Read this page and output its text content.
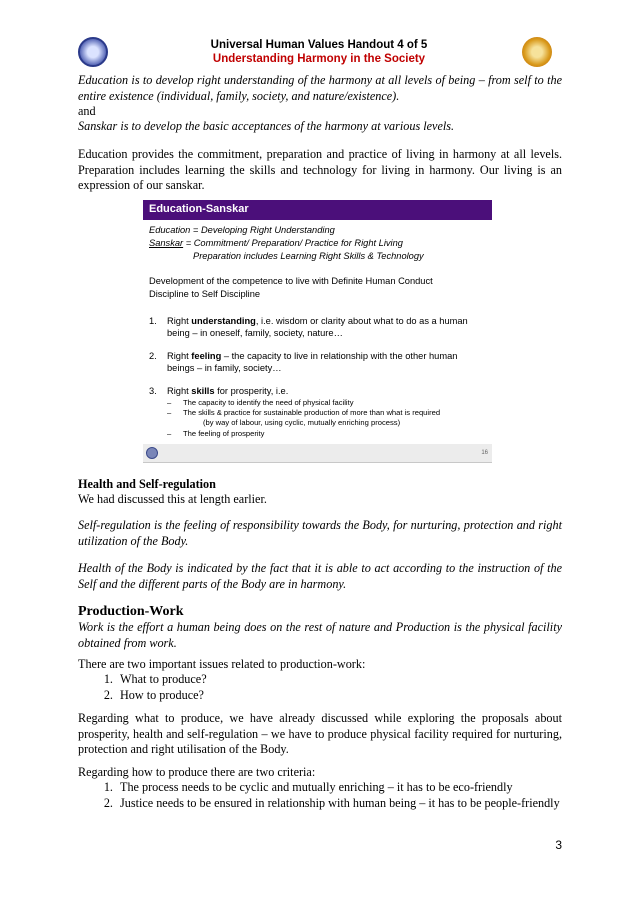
Universal Human Values Handout 4 of 5
Understanding Harmony in the Society
Education is to develop right understanding of the harmony at all levels of being – from self to the entire existence (individual, family, society, and nature/existence).
and
Sanskar is to develop the basic acceptances of the harmony at various levels.
Education provides the commitment, preparation and practice of living in harmony at all levels. Preparation includes learning the skills and technology for living in harmony. Our living is an expression of our sanskar.
Education-Sanskar
Education = Developing Right Understanding
Sanskar = Commitment/ Preparation/ Practice for Right Living
Preparation includes Learning Right Skills & Technology
Development of the competence to live with Definite Human Conduct
Discipline to Self Discipline
1. Right understanding, i.e. wisdom or clarity about what to do as a human
being – in oneself, family, society, nature…
2. Right feeling – the capacity to live in relationship with the other human
beings – in family, society…
3. Right skills for prosperity, i.e.
– The capacity to identify the need of physical facility
– The skills & practice for sustainable production of more than what is required
(by way of labour, using cyclic, mutually enriching process)
– The feeling of prosperity
16
Health and Self-regulation
We had discussed this at length earlier.
Self-regulation is the feeling of responsibility towards the Body, for nurturing, protection and right utilization of the Body.
Health of the Body is indicated by the fact that it is able to act according to the instruction of the Self and the different parts of the Body are in harmony.
Production-Work
Work is the effort a human being does on the rest of nature and Production is the physical facility obtained from work.
There are two important issues related to production-work:
1. What to produce?
2. How to produce?
Regarding what to produce, we have already discussed while exploring the proposals about prosperity, health and self-regulation – we have to produce physical facility required for nurturing, protection and right utilisation of the Body.
Regarding how to produce there are two criteria:
1. The process needs to be cyclic and mutually enriching – it has to be eco-friendly
2. Justice needs to be ensured in relationship with human being – it has to be people-friendly
3
